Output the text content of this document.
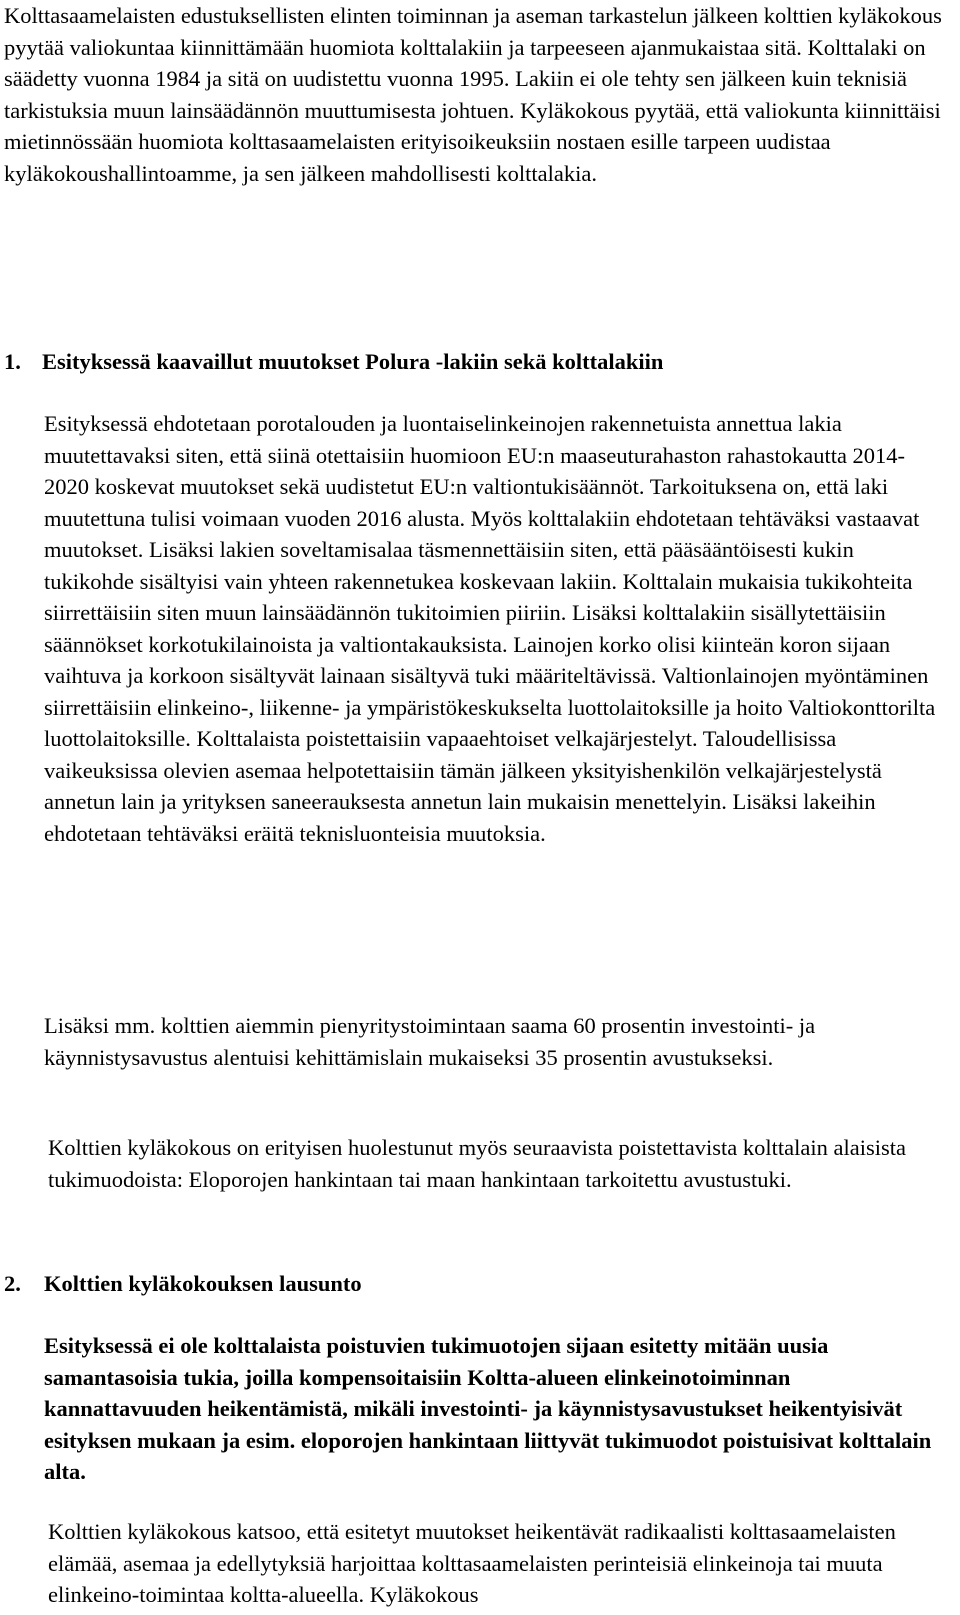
Kolttasaamelaisten edustuksellisten elinten toiminnan ja aseman tarkastelun jälkeen kolttien kyläkokous pyytää valiokuntaa kiinnittämään huomiota kolttalakiin ja tarpeeseen ajanmukaistaa sitä. Kolttalaki on säädetty vuonna 1984 ja sitä on uudistettu vuonna 1995. Lakiin ei ole tehty sen jälkeen kuin teknisiä tarkistuksia muun lainsäädännön muuttumisesta johtuen. Kyläkokous pyytää, että valiokunta kiinnittäisi mietinnössään huomiota kolttasaamelaisten erityisoikeuksiin nostaen esille tarpeen uudistaa kyläkokoushallintoamme, ja sen jälkeen mahdollisesti kolttalakia.

1. Esityksessä kaavaillut muutokset Polura -lakiin sekä kolttalakiin

Esityksessä ehdotetaan porotalouden ja luontaiselinkeinojen rakennetuista annettua lakia muutettavaksi siten, että siinä otettaisiin huomioon EU:n maaseuturahaston rahastokautta 2014- 2020 koskevat muutokset sekä uudistetut EU:n valtiontukisäännöt. Tarkoituksena on, että laki muutettuna tulisi voimaan vuoden 2016 alusta. Myös kolttalakiin ehdotetaan tehtäväksi vastaavat muutokset. Lisäksi lakien soveltamisalaa täsmennettäisiin siten, että pääsääntöisesti kukin tukikohde sisältyisi vain yhteen rakennetukea koskevaan lakiin. Kolttalain mukaisia tukikohteita siirrettäisiin siten muun lainsäädännön tukitoimien piiriin. Lisäksi kolttalakiin sisällytettäisiin säännökset korkotukilainoista ja valtiontakauksista. Lainojen korko olisi kiinteän koron sijaan vaihtuva ja korkoon sisältyvät lainaan sisältyvä tuki määriteltävissä. Valtionlainojen myöntäminen siirrettäisiin elinkeino-, liikenne- ja ympäristökeskukselta luottolaitoksille ja hoito Valtiokonttorilta luottolaitoksille. Kolttalaista poistettaisiin vapaaehtoiset velkajärjestelyt. Taloudellisissa vaikeuksissa olevien asemaa helpotettaisiin tämän jälkeen yksityishenkilön velkajärjestelystä annetun lain ja yrityksen saneerauksesta annetun lain mukaisin menettelyin. Lisäksi lakeihin ehdotetaan tehtäväksi eräitä teknisluonteisia muutoksia.

Lisäksi mm. kolttien aiemmin pienyritystoimintaan saama 60 prosentin investointi- ja käynnistysavustus alentuisi kehittämislain mukaiseksi 35 prosentin avustukseksi.

Kolttien kyläkokous on erityisen huolestunut myös seuraavista poistettavista kolttalain alaisista tukimuodoista: Eloporojen hankintaan tai maan hankintaan tarkoitettu avustustuki.

2. Kolttien kyläkokouksen lausunto

Esityksessä ei ole kolttalaista poistuvien tukimuotojen sijaan esitetty mitään uusia samantasoisia tukia, joilla kompensoitaisiin Koltta-alueen elinkeinotoiminnan kannattavuuden heikentämistä, mikäli investointi- ja käynnistysavustukset heikentyisivät esityksen mukaan ja esim. eloporojen hankintaan liittyvät tukimuodot poistuisivat kolttalain alta.

Kolttien kyläkokous katsoo, että esitetyt muutokset heikentävät radikaalisti kolttasaamelaisten elämää, asemaa ja edellytyksiä harjoittaa kolttasaamelaisten perinteisiä elinkeinoja tai muuta elinkeino-toimintaa koltta-alueella. Kyläkokous
